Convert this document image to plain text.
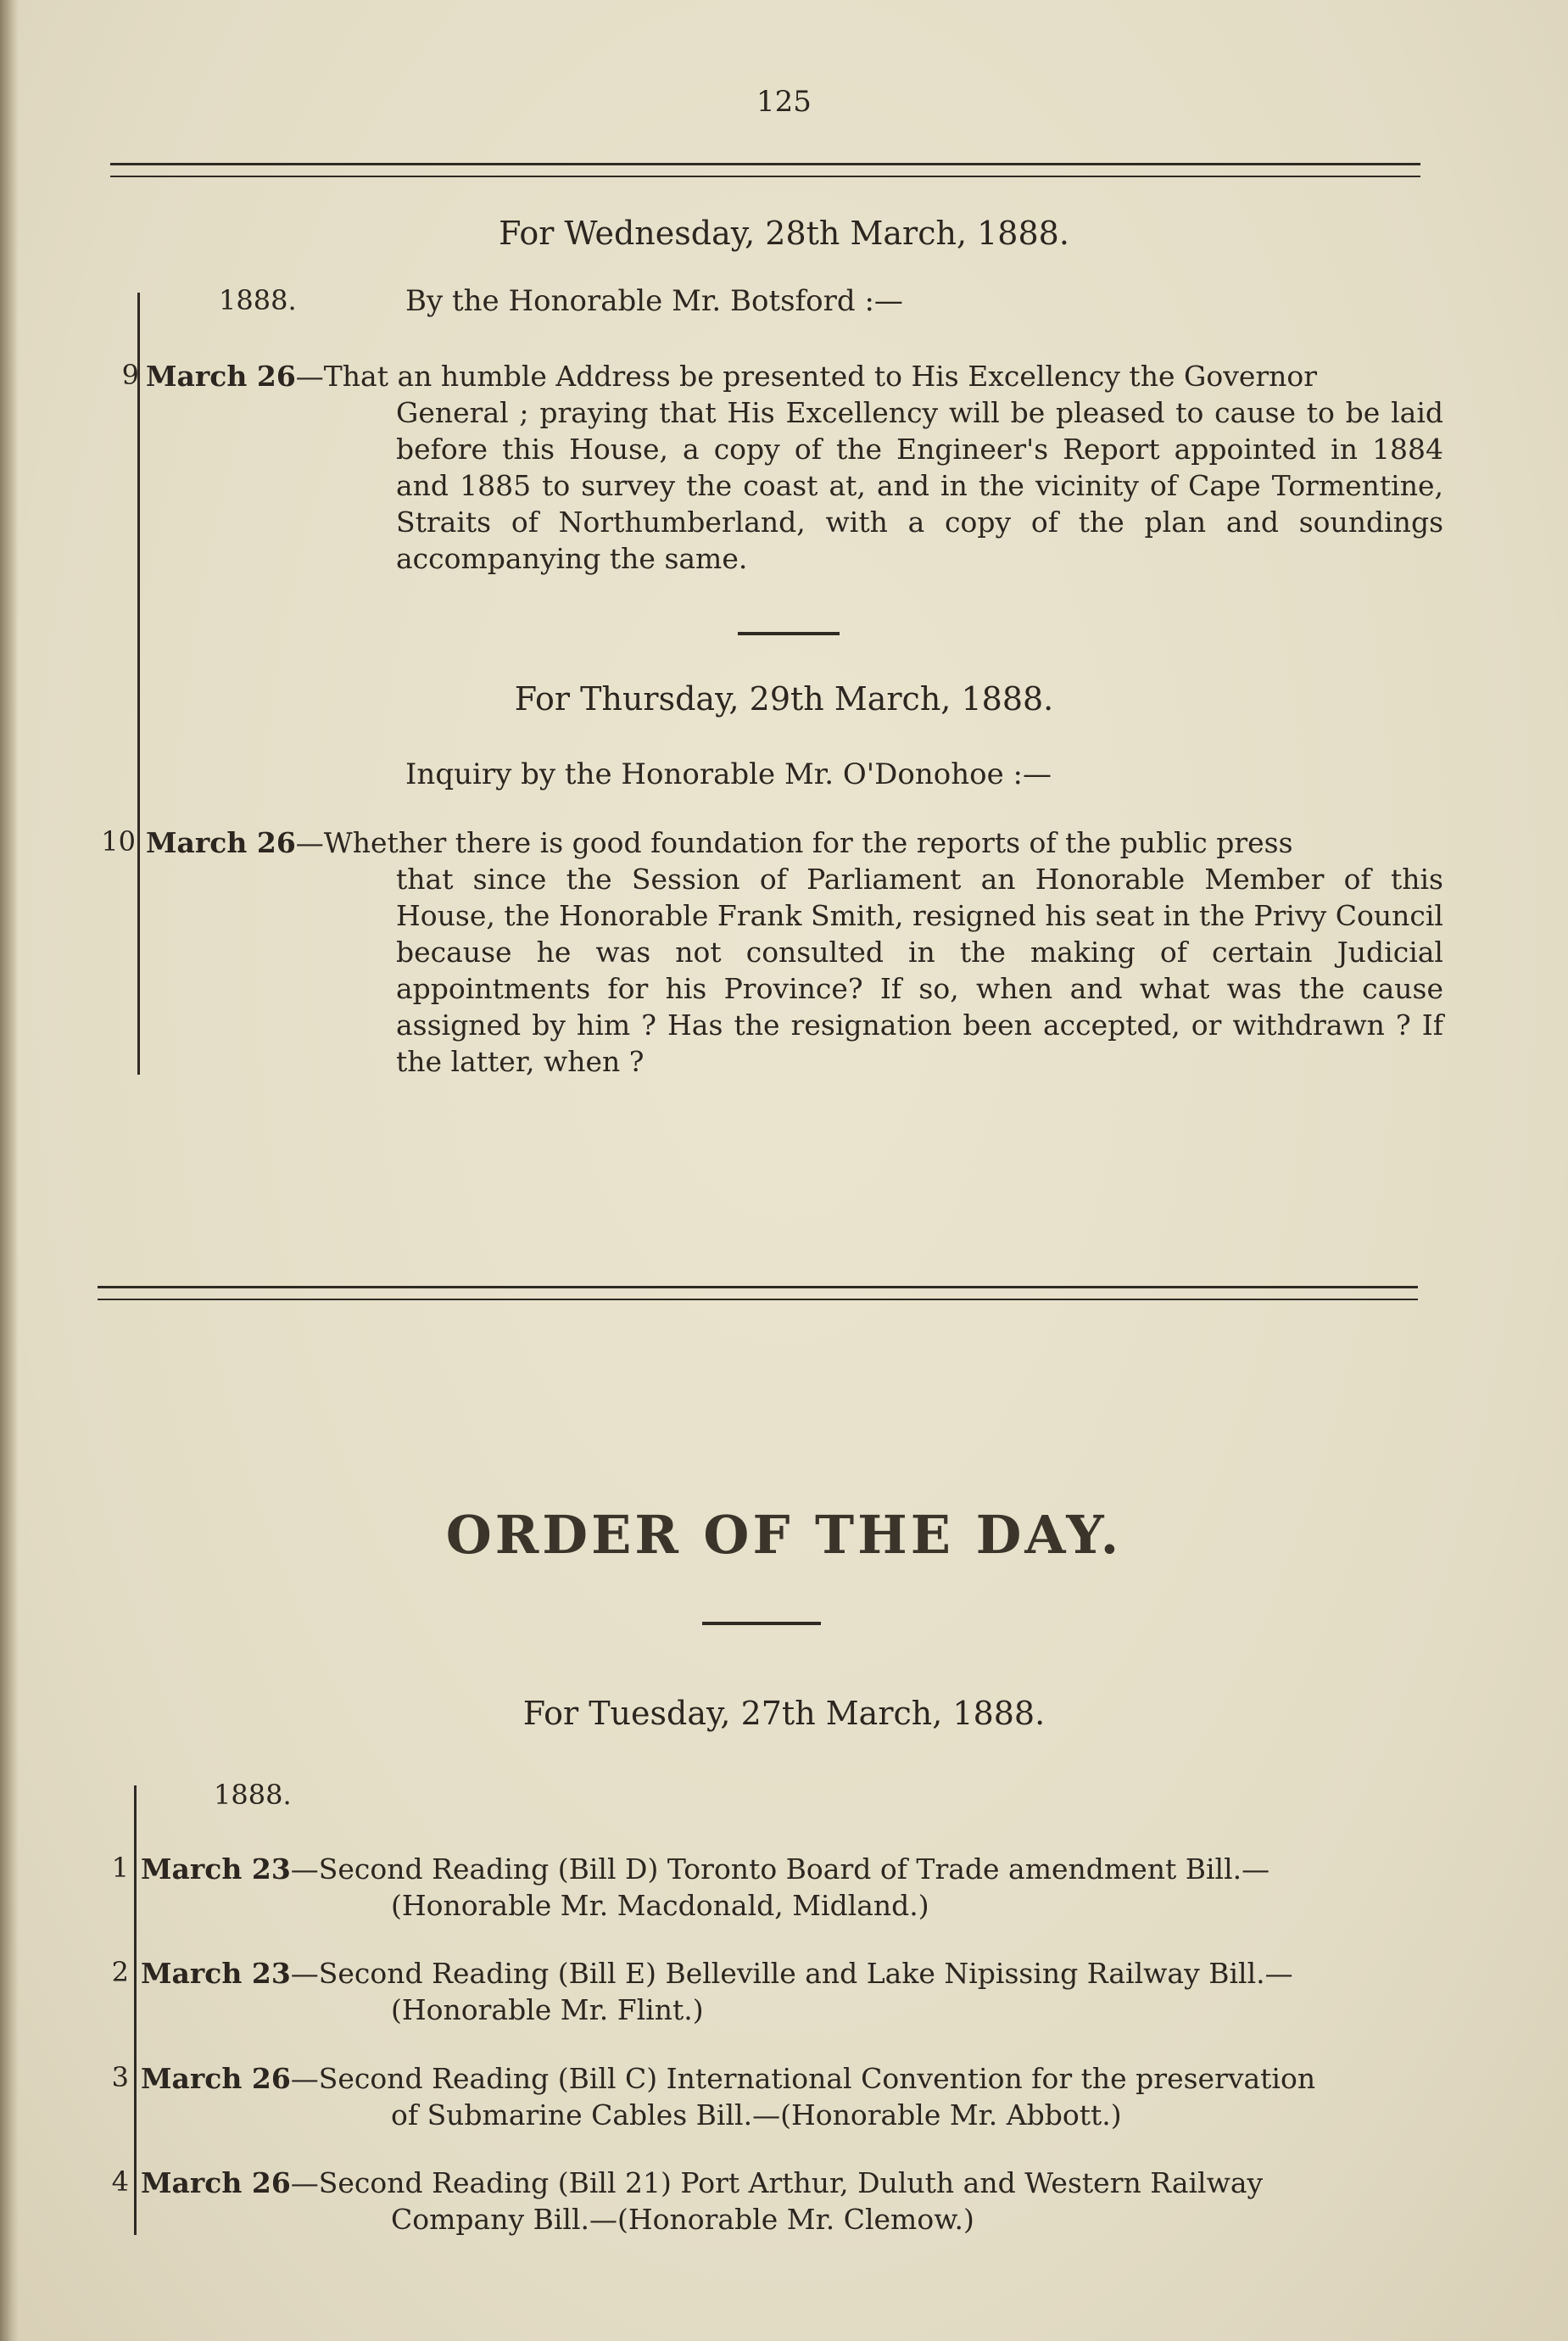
125
For Wednesday, 28th March, 1888.
1888.	By the Honorable Mr. Botsford :—
9 March 26—That an humble Address be presented to His Excellency the Governor

General ; praying that His Excellency will be pleased to cause to be laid before this House, a copy of the Engineer's Report appointed in 1884 and 1885 to survey the coast at, and in the vicinity of Cape Tormentine, Straits of Northumberland, with a copy of the plan and soundings accompanying the same.

For Thursday, 29th March, 1888.
Inquiry by the Honorable Mr. O'Donohoe :—
10 March 26—Whether there is good foundation for the reports of the public press

that since the Session of Parliament an Honorable Member of this House, the Honorable Frank Smith, resigned his seat in the Privy Council because he was not consulted in the making of certain Judicial appointments for his Province? If so, when and what was the cause assigned by him ? Has the resignation been accepted, or withdrawn ? If the latter, when ?

ORDER OF THE DAY.
For Tuesday, 27th March, 1888.
1888.
1 March 23—Second Reading (Bill D) Toronto Board of Trade amendment Bill.—

(Honorable Mr. Macdonald, Midland.)

2 March 23—Second Reading (Bill E) Belleville and Lake Nipissing Railway Bill.—

(Honorable Mr. Flint.)

3 March 26—Second Reading (Bill C) International Convention for the preservation

of Submarine Cables Bill.—(Honorable Mr. Abbott.)

4 March 26—Second Reading (Bill 21) Port Arthur, Duluth and Western Railway

Company Bill.—(Honorable Mr. Clemow.)
